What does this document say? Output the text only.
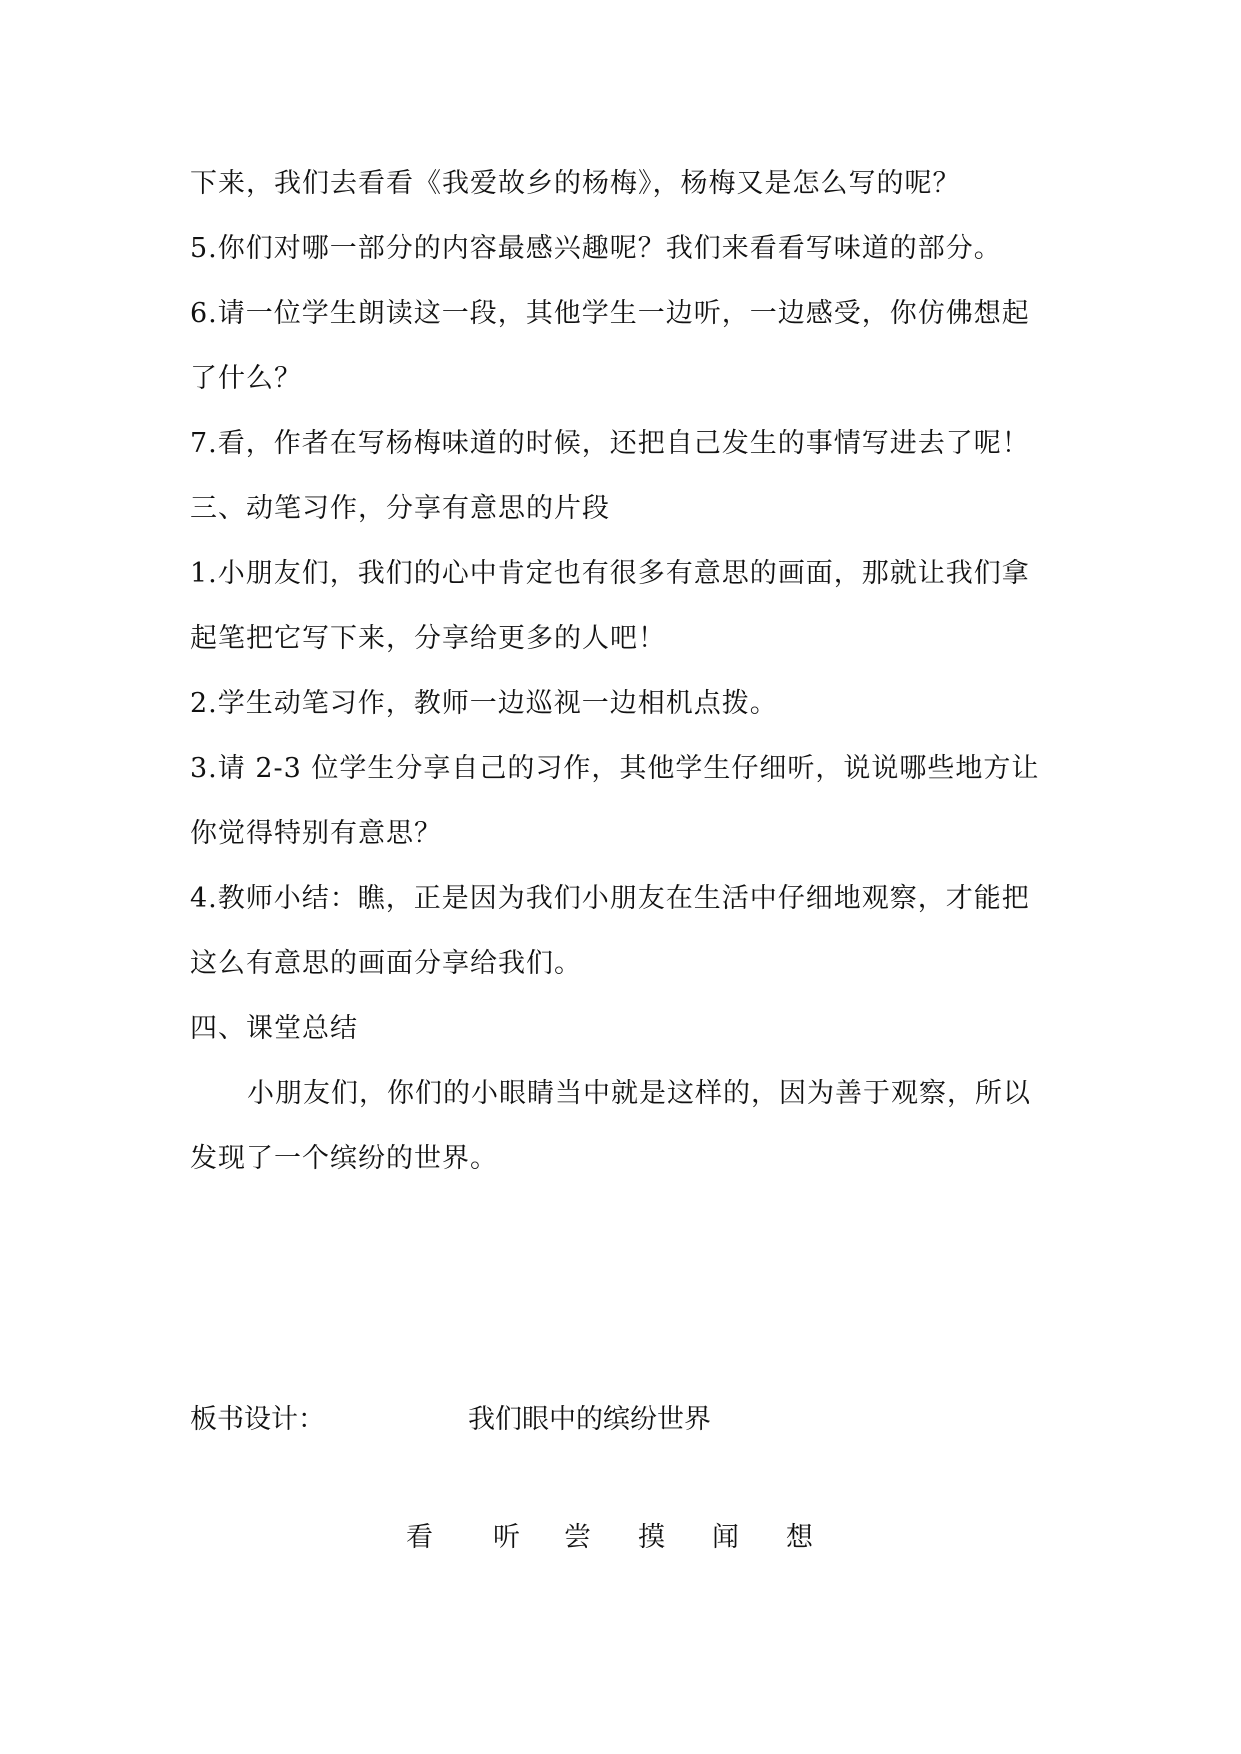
下来，我们去看看《我爱故乡的杨梅》，杨梅又是怎么写的呢？
5.你们对哪一部分的内容最感兴趣呢？我们来看看写味道的部分。
6.请一位学生朗读这一段，其他学生一边听，一边感受，你仿佛想起
了什么？
7.看，作者在写杨梅味道的时候，还把自己发生的事情写进去了呢！
三、动笔习作，分享有意思的片段
1.小朋友们，我们的心中肯定也有很多有意思的画面，那就让我们拿
起笔把它写下来，分享给更多的人吧！
2.学生动笔习作，教师一边巡视一边相机点拨。
3.请 2-3 位学生分享自己的习作，其他学生仔细听，说说哪些地方让
你觉得特别有意思？
4.教师小结：瞧，正是因为我们小朋友在生活中仔细地观察，才能把
这么有意思的画面分享给我们。
四、课堂总结
小朋友们，你们的小眼睛当中就是这样的，因为善于观察，所以
发现了一个缤纷的世界。
板书设计：	我们眼中的缤纷世界
看 听 尝 摸 闻 想
